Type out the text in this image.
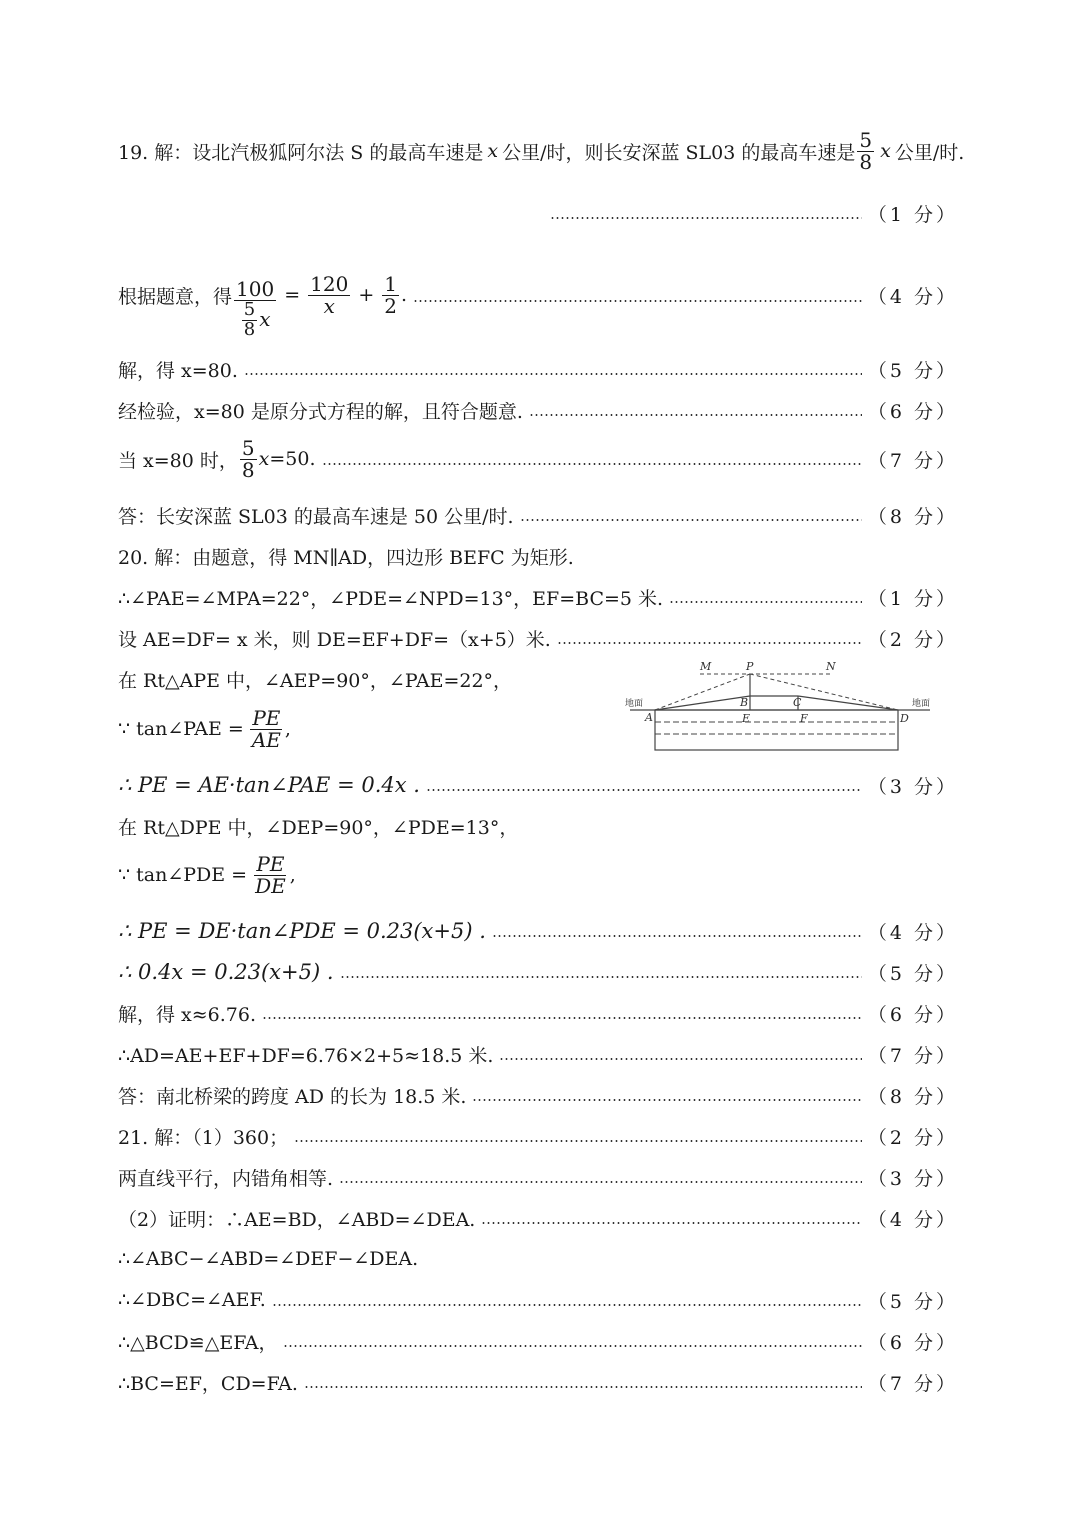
19. 解：设北汽极狐阿尔法 S 的最高车速是 x 公里/时，则长安深蓝 SL03 的最高车速是 $\frac{5}{8}$ x 公里/时.
（1 分）
根据题意，得 $\frac{100}{\frac{5}{8} x} = \frac{120}{x} + \frac{1}{2}$ .	（4 分）
解，得 x=80.	（5 分）
经检验，x=80 是原分式方程的解，且符合题意.	（6 分）
当 x=80 时， $\frac{5}{8}$ x =50.	（7 分）
答：长安深蓝 SL03 的最高车速是 50 公里/时.	（8 分）
20. 解：由题意，得 MN∥AD，四边形 BEFC 为矩形.
∴∠PAE=∠MPA=22°，∠PDE=∠NPD=13°，EF=BC=5 米.	（1 分）
设 AE=DF= x 米，则 DE=EF+DF=（x+5）米.	（2 分）
在 Rt△APE 中，∠AEP=90°，∠PAE=22°，
∵ tan∠PAE = $\frac{PE}{AE}$ ,
M	P	N
A
B	C
D
E	F
地面	地面
∴ PE = AE·tan∠PAE = 0.4x .	（3 分）
在 Rt△DPE 中，∠DEP=90°，∠PDE=13°，
∵ tan∠PDE = $\frac{PE}{DE}$ ,
∴ PE = DE·tan∠PDE = 0.23(x+5) .	（4 分）
∴ 0.4x = 0.23(x+5) .	（5 分）
解，得 x≈6.76.	（6 分）
∴AD=AE+EF+DF=6.76×2+5≈18.5 米.	（7 分）
答：南北桥梁的跨度 AD 的长为 18.5 米.	（8 分）
21. 解：（1）360；	（2 分）
两直线平行，内错角相等.	（3 分）
（2）证明：∴AE=BD，∠ABD=∠DEA.	（4 分）
∴∠ABC−∠ABD=∠DEF−∠DEA.
∴∠DBC=∠AEF.	（5 分）
∴△BCD≌△EFA，	（6 分）
∴BC=EF，CD=FA.	（7 分）
